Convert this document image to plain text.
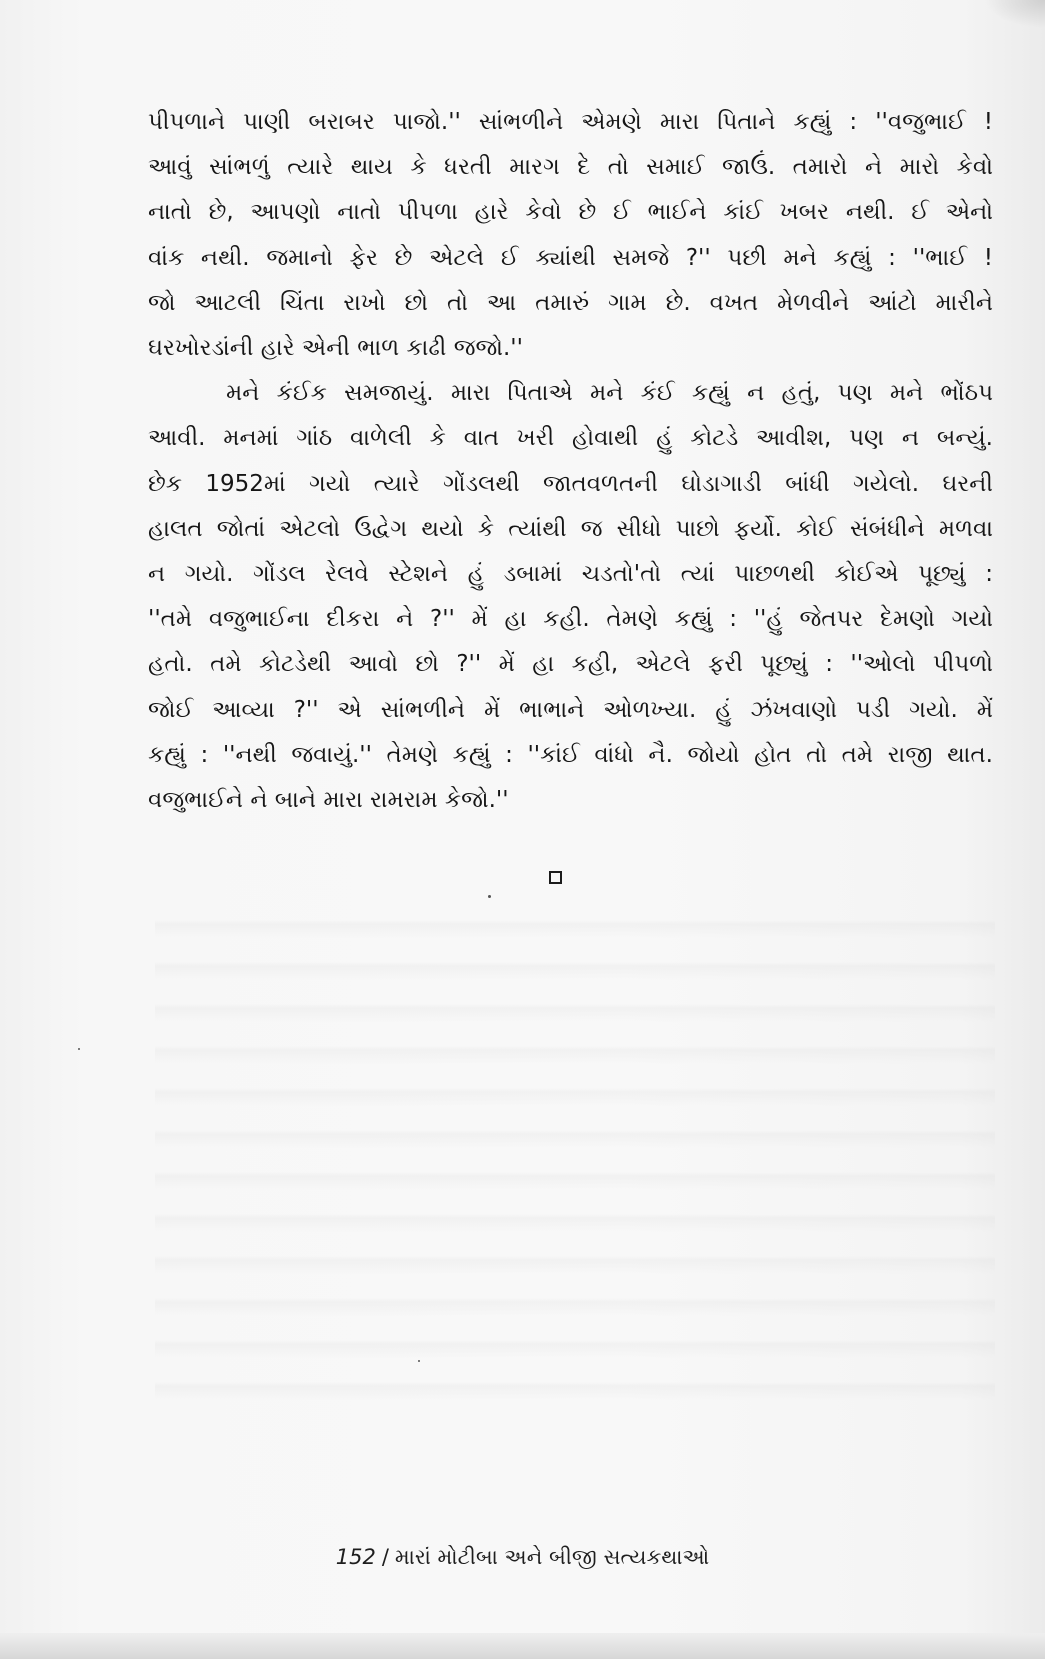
પીપળાને પાણી બરાબર પાજો.'' સાંભળીને એમણે મારા પિતાને કહ્યું : ''વજુભાઈ !
આવું સાંભળું ત્યારે થાય કે ધરતી મારગ દે તો સમાઈ જાઉં. તમારો ને મારો કેવો
નાતો છે, આપણો નાતો પીપળા હારે કેવો છે ઈ ભાઈને કાંઈ ખબર નથી. ઈ એનો
વાંક નથી. જમાનો ફેર છે એટલે ઈ ક્યાંથી સમજે ?'' પછી મને કહ્યું : ''ભાઈ !
જો આટલી ચિંતા રાખો છો તો આ તમારું ગામ છે. વખત મેળવીને આંટો મારીને
ઘરખોરડાંની હારે એની ભાળ કાઢી જજો.''

મને કંઈક સમજાયું. મારા પિતાએ મને કંઈ કહ્યું ન હતું, પણ મને ભોંઠપ
આવી. મનમાં ગાંઠ વાળેલી કે વાત ખરી હોવાથી હું કોટડે આવીશ, પણ ન બન્યું.
છેક 1952માં ગયો ત્યારે ગોંડલથી જાતવળતની ઘોડાગાડી બાંધી ગયેલો. ઘરની
હાલત જોતાં એટલો ઉદ્વેગ થયો કે ત્યાંથી જ સીધો પાછો ફર્યો. કોઈ સંબંધીને મળવા
ન ગયો. ગોંડલ રેલવે સ્ટેશને હું ડબામાં ચડતો'તો ત્યાં પાછળથી કોઈએ પૂછ્યું :
''તમે વજુભાઈના દીકરા ને ?'' મેં હા કહી. તેમણે કહ્યું : ''હું જેતપર દેમણો ગયો
હતો. તમે કોટડેથી આવો છો ?'' મેં હા કહી, એટલે ફરી પૂછ્યું : ''ઓલો પીપળો
જોઈ આવ્યા ?'' એ સાંભળીને મેં ભાભાને ઓળખ્યા. હું ઝંખવાણો પડી ગયો. મેં
કહ્યું : ''નથી જવાયું.'' તેમણે કહ્યું : ''કાંઈ વાંધો નૈ. જોયો હોત તો તમે રાજી થાત.
વજુભાઈને ને બાને મારા રામરામ કેજો.''

152 / મારાં મોટીબા અને બીજી સત્યકથાઓ
